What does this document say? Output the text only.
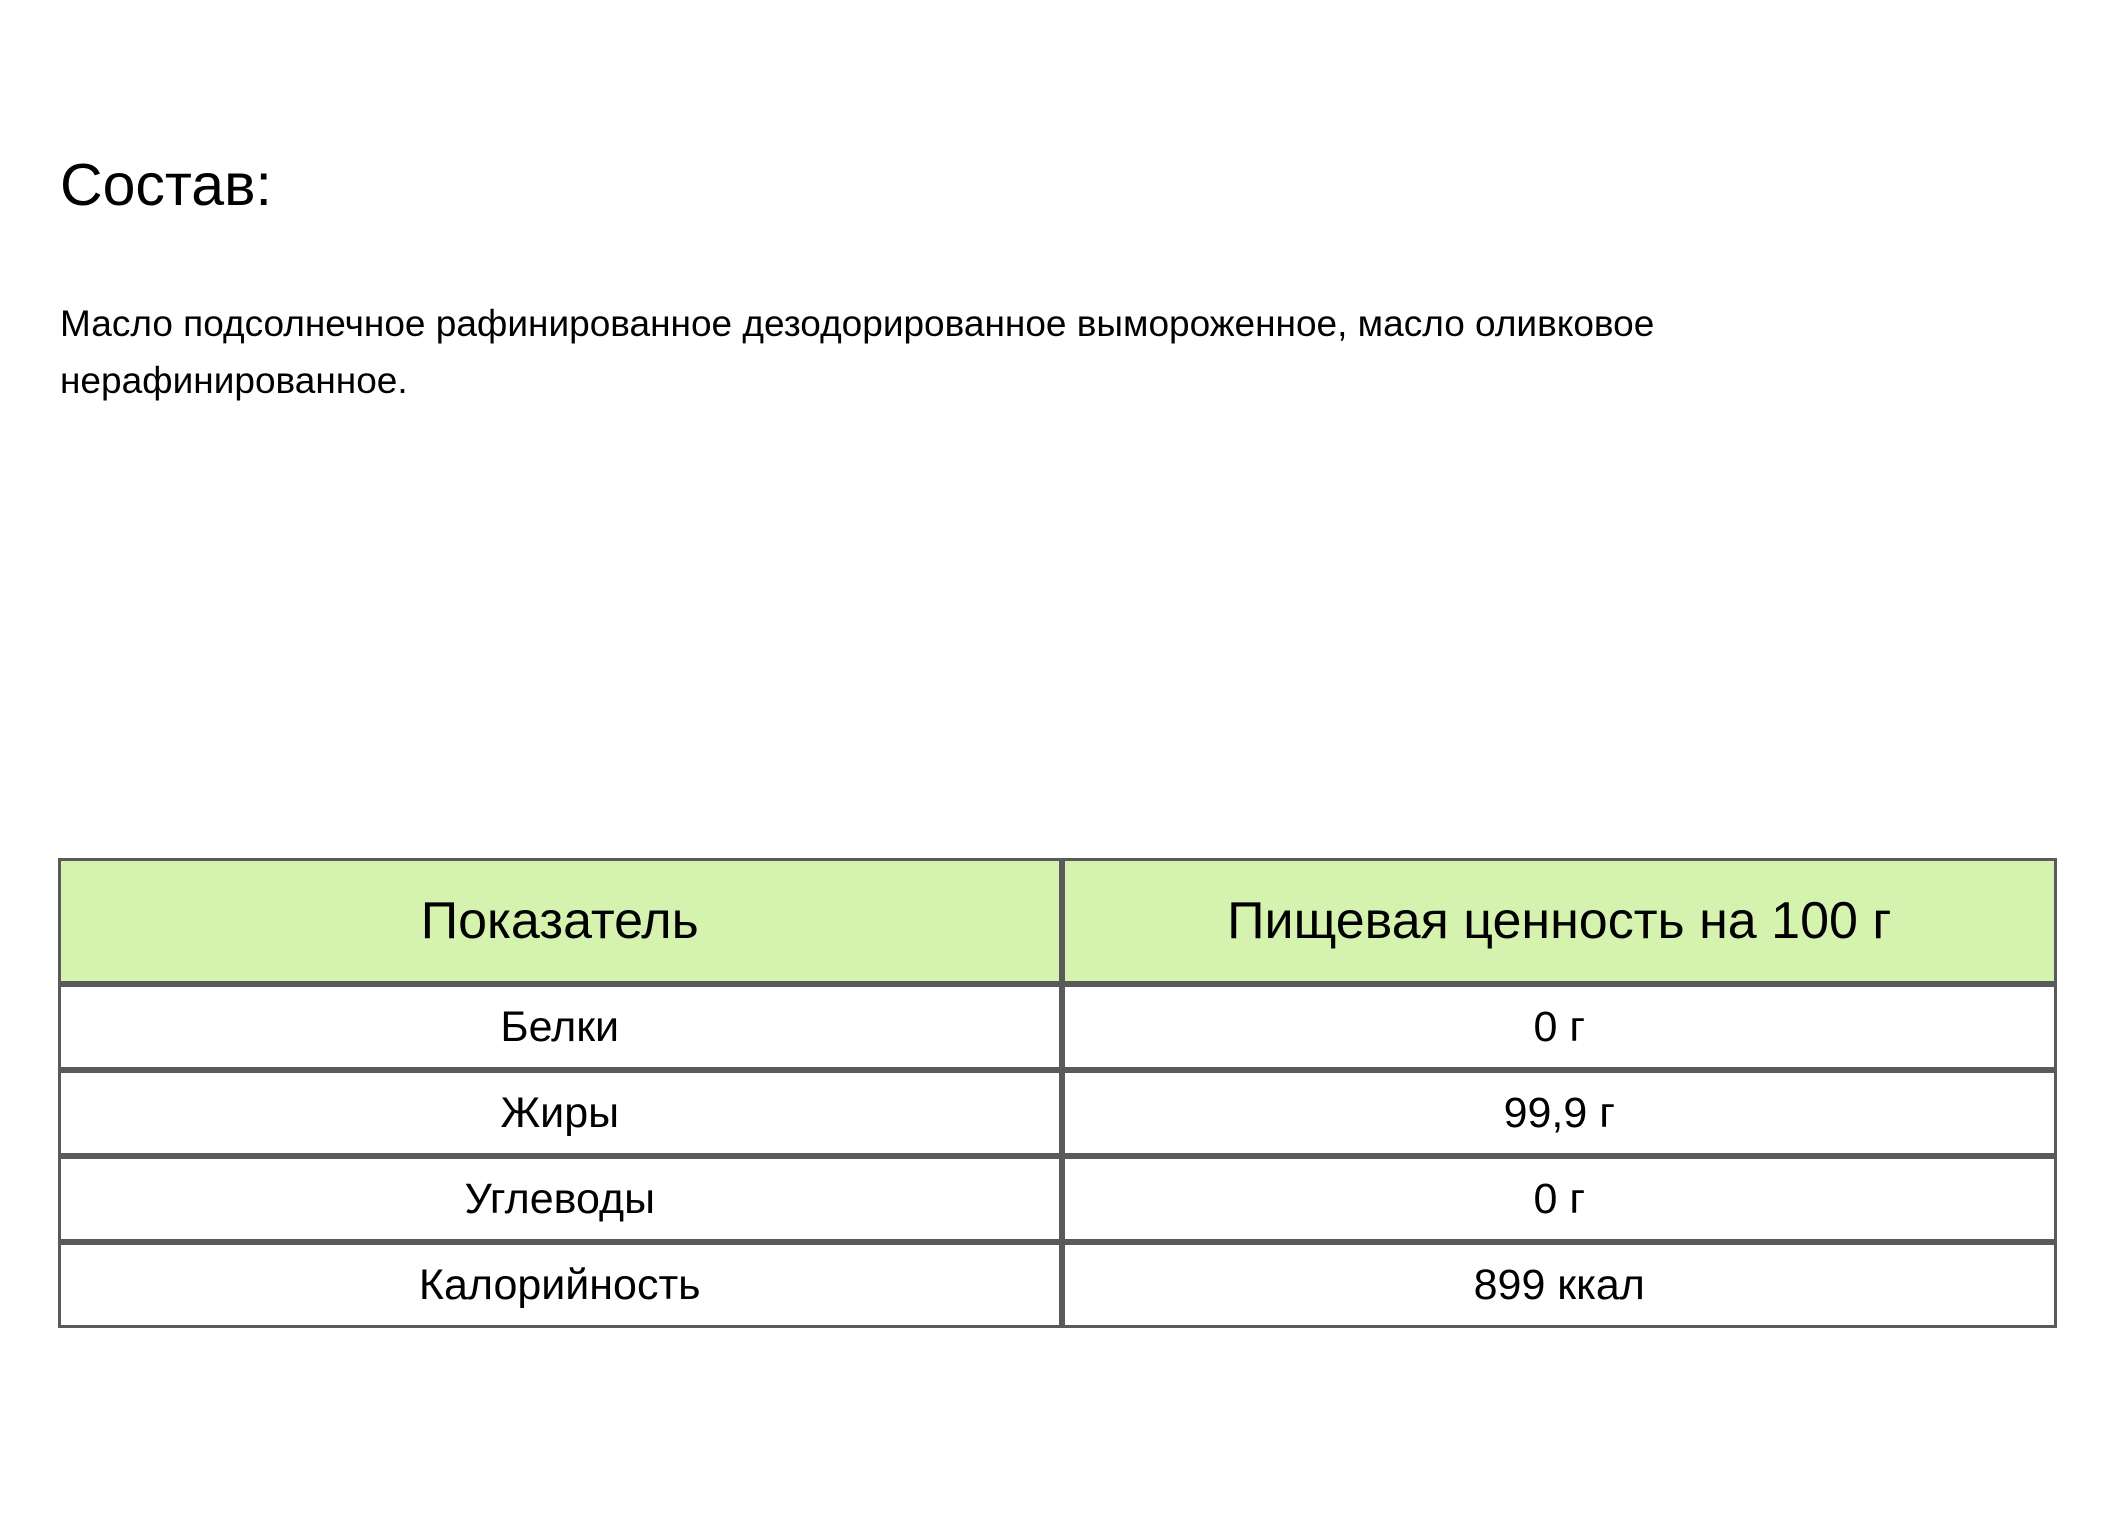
Состав:
Масло подсолнечное рафинированное дезодорированное вымороженное, масло оливковое нерафинированное.
Показатель	Пищевая ценность на 100 г
Белки	0 г
Жиры	99,9 г
Углеводы	0 г
Калорийность	899 ккал
